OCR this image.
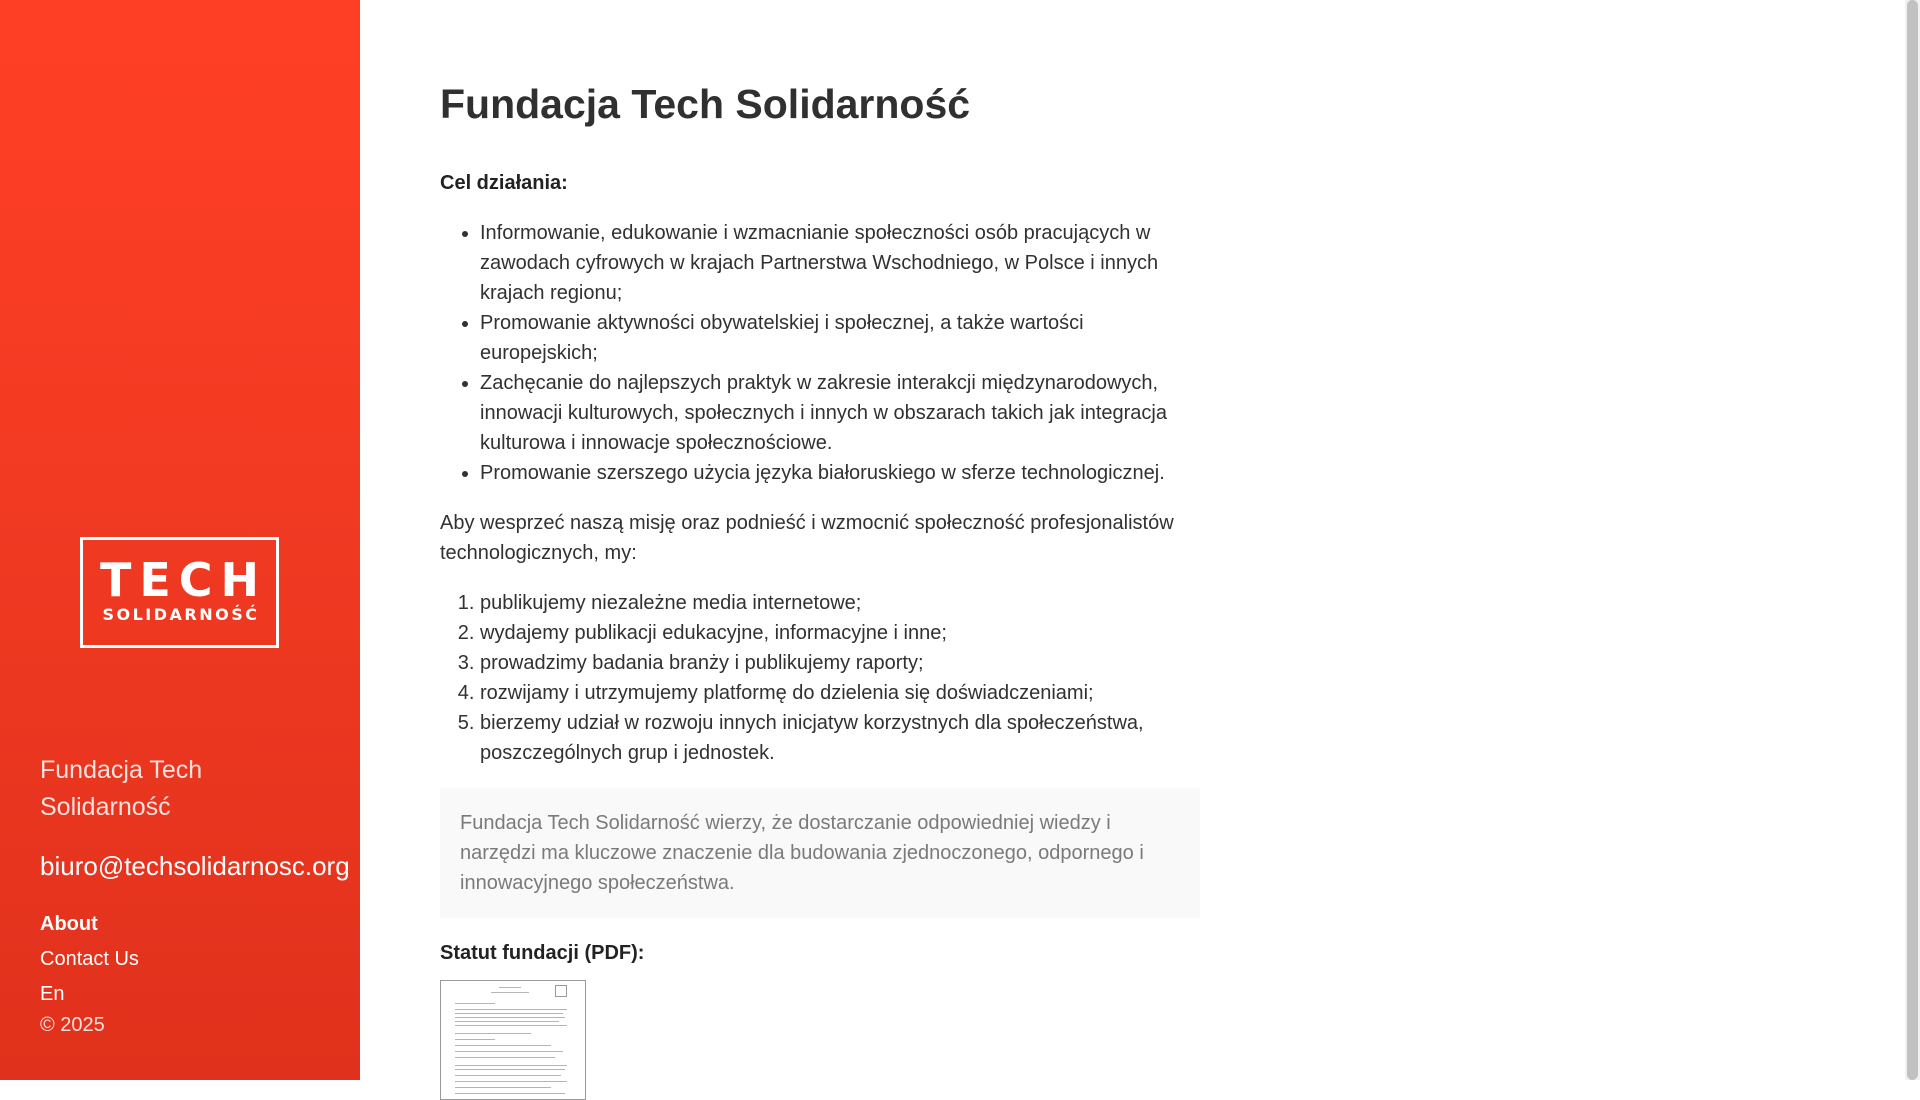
TECH
SOLIDARNOŚĆ
Fundacja Tech Solidarność
biuro@techsolidarnosc.org
About
Contact Us
En
© 2025
Fundacja Tech Solidarność

Cel działania:

• Informowanie, edukowanie i wzmacnianie społeczności osób pracujących w zawodach cyfrowych w krajach Partnerstwa Wschodniego, w Polsce i innych krajach regionu;
• Promowanie aktywności obywatelskiej i społecznej, a także wartości europejskich;
• Zachęcanie do najlepszych praktyk w zakresie interakcji międzynarodowych, innowacji kulturowych, społecznych i innych w obszarach takich jak integracja kulturowa i innowacje społecznościowe.
• Promowanie szerszego użycia języka białoruskiego w sferze technologicznej.

Aby wesprzeć naszą misję oraz podnieść i wzmocnić społeczność profesjonalistów technologicznych, my:

1. publikujemy niezależne media internetowe;
2. wydajemy publikacji edukacyjne, informacyjne i inne;
3. prowadzimy badania branży i publikujemy raporty;
4. rozwijamy i utrzymujemy platformę do dzielenia się doświadczeniami;
5. bierzemy udział w rozwoju innych inicjatyw korzystnych dla społeczeństwa, poszczególnych grup i jednostek.
Fundacja Tech Solidarność wierzy, że dostarczanie odpowiedniej wiedzy i narzędzi ma kluczowe znaczenie dla budowania zjednoczonego, odpornego i innowacyjnego społeczeństwa.

Statut fundacji (PDF):
